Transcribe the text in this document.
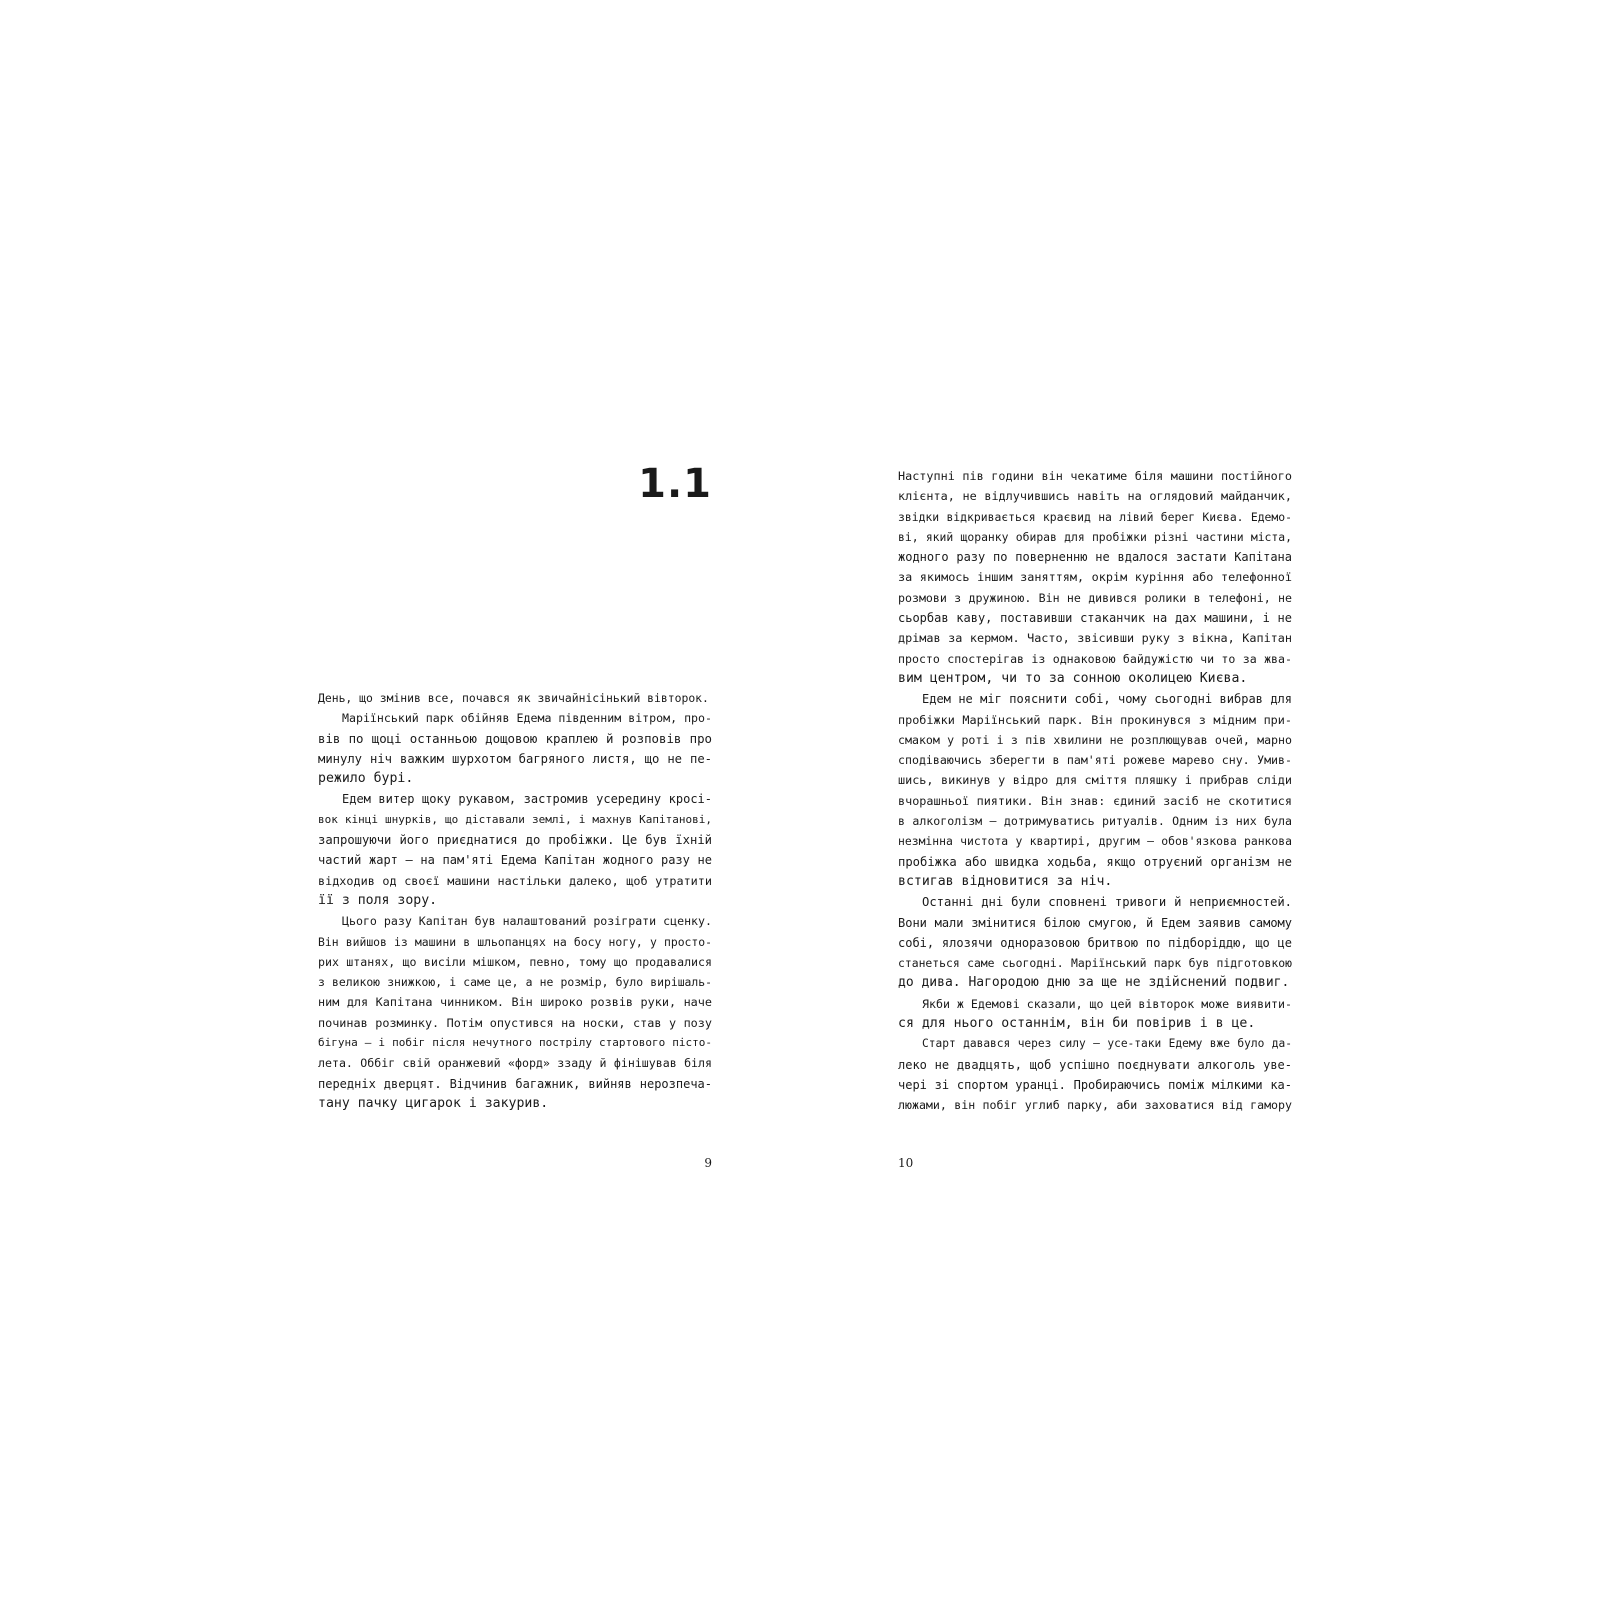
1.1
День, що змінив все, почався як звичайнісінький вівторок.
Маріїнський парк обійняв Едема південним вітром, про-
вів по щоці останньою дощовою краплею й розповів про
минулу ніч важким шурхотом багряного листя, що не пе-
режило бурі.
Едем витер щоку рукавом, застромив усередину кросі-
вок кінці шнурків, що діставали землі, і махнув Капітанові,
запрошуючи його приєднатися до пробіжки. Це був їхній
частий жарт — на пам'яті Едема Капітан жодного разу не
відходив од своєї машини настільки далеко, щоб утратити
її з поля зору.
Цього разу Капітан був налаштований розіграти сценку.
Він вийшов із машини в шльопанцях на босу ногу, у просто-
рих штанях, що висіли мішком, певно, тому що продавалися
з великою знижкою, і саме це, а не розмір, було вирішаль-
ним для Капітана чинником. Він широко розвів руки, наче
починав розминку. Потім опустився на носки, став у позу
бігуна — і побіг після нечутного пострілу стартового пісто-
лета. Оббіг свій оранжевий «форд» ззаду й фінішував біля
передніх дверцят. Відчинив багажник, вийняв нерозпеча-
тану пачку цигарок і закурив.
9
Наступні пів години він чекатиме біля машини постійного
клієнта, не відлучившись навіть на оглядовий майданчик,
звідки відкривається краєвид на лівий берег Києва. Едемо-
ві, який щоранку обирав для пробіжки різні частини міста,
жодного разу по поверненню не вдалося застати Капітана
за якимось іншим заняттям, окрім куріння або телефонної
розмови з дружиною. Він не дивився ролики в телефоні, не
сьорбав каву, поставивши стаканчик на дах машини, і не
дрімав за кермом. Часто, звісивши руку з вікна, Капітан
просто спостерігав із однаковою байдужістю чи то за жва-
вим центром, чи то за сонною околицею Києва.
Едем не міг пояснити собі, чому сьогодні вибрав для
пробіжки Маріїнський парк. Він прокинувся з мідним при-
смаком у роті і з пів хвилини не розплющував очей, марно
сподіваючись зберегти в пам'яті рожеве марево сну. Умив-
шись, викинув у відро для сміття пляшку і прибрав сліди
вчорашньої пиятики. Він знав: єдиний засіб не скотитися
в алкоголізм — дотримуватись ритуалів. Одним із них була
незмінна чистота у квартирі, другим — обов'язкова ранкова
пробіжка або швидка ходьба, якщо отруєний організм не
встигав відновитися за ніч.
Останні дні були сповнені тривоги й неприємностей.
Вони мали змінитися білою смугою, й Едем заявив самому
собі, ялозячи одноразовою бритвою по підборіддю, що це
станеться саме сьогодні. Маріїнський парк був підготовкою
до дива. Нагородою дню за ще не здійснений подвиг.
Якби ж Едемові сказали, що цей вівторок може виявити-
ся для нього останнім, він би повірив і в це.
Старт давався через силу — усе-таки Едему вже було да-
леко не двадцять, щоб успішно поєднувати алкоголь уве-
чері зі спортом уранці. Пробираючись поміж мілкими ка-
люжами, він побіг углиб парку, аби заховатися від гамору
10
